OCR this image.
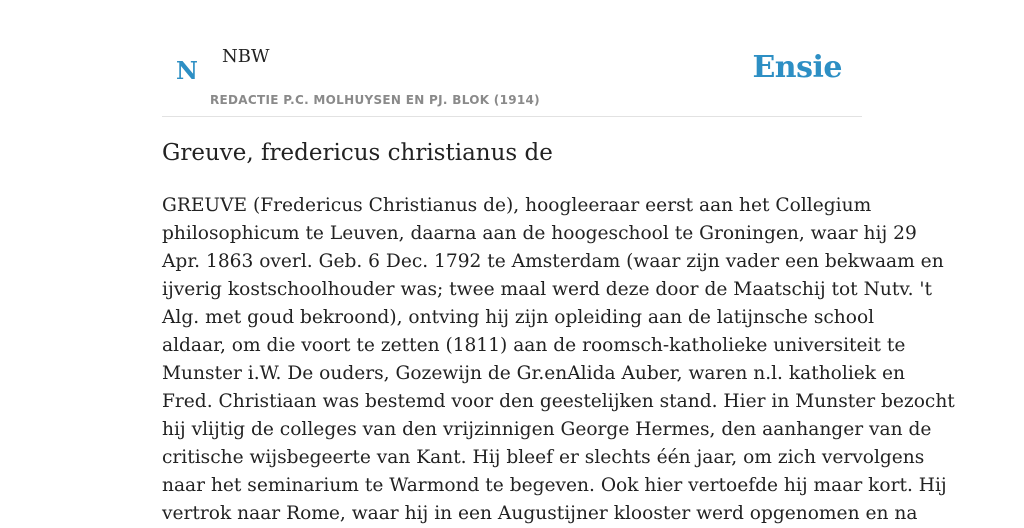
N NBW
REDACTIE P.C. MOLHUYSEN EN PJ. BLOK (1914)
Ensie
Greuve, fredericus christianus de

GREUVE (Fredericus Christianus de), hoogleeraar eerst aan het Collegium
philosophicum te Leuven, daarna aan de hoogeschool te Groningen, waar hij 29
Apr. 1863 overl. Geb. 6 Dec. 1792 te Amsterdam (waar zijn vader een bekwaam en
ijverig kostschoolhouder was; twee maal werd deze door de Maatschij tot Nutv. 't
Alg. met goud bekroond), ontving hij zijn opleiding aan de latijnsche school
aldaar, om die voort te zetten (1811) aan de roomsch-katholieke universiteit te
Munster i.W. De ouders, Gozewijn de Gr.enAlida Auber, waren n.l. katholiek en
Fred. Christiaan was bestemd voor den geestelijken stand. Hier in Munster bezocht
hij vlijtig de colleges van den vrijzinnigen George Hermes, den aanhanger van de
critische wijsbegeerte van Kant. Hij bleef er slechts één jaar, om zich vervolgens
naar het seminarium te Warmond te begeven. Ook hier vertoefde hij maar kort. Hij
vertrok naar Rome, waar hij in een Augustijner klooster werd opgenomen en na
